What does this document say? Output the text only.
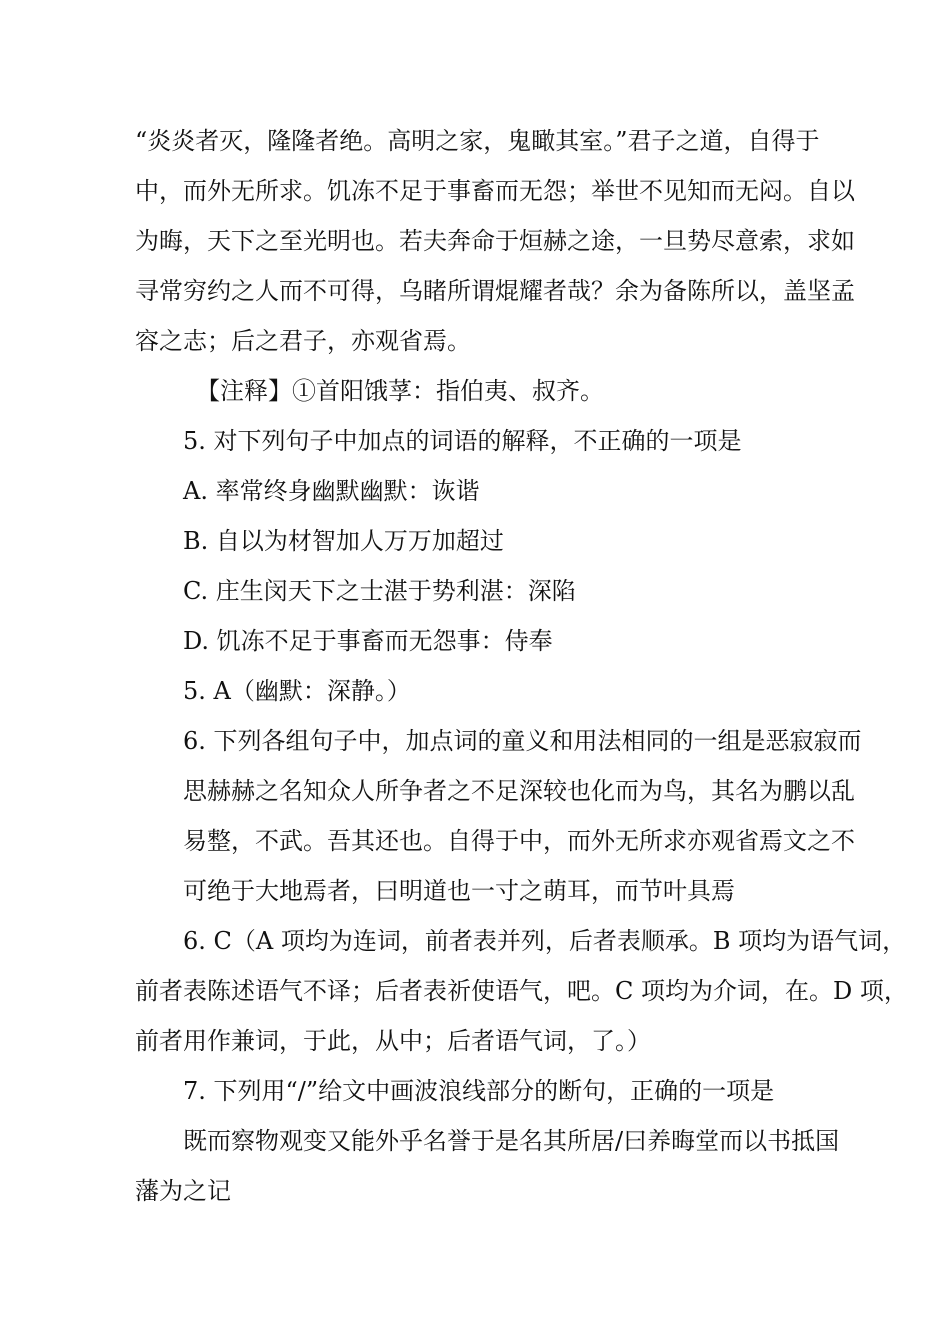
“炎炎者灭，隆隆者绝。高明之家，鬼瞰其室。”君子之道，自得于
中，而外无所求。饥冻不足于事畜而无怨；举世不见知而无闷。自以
为晦，天下之至光明也。若夫奔命于烜赫之途，一旦势尽意索，求如
寻常穷约之人而不可得，乌睹所谓焜耀者哉？余为备陈所以，盖坚孟
容之志；后之君子，亦观省焉。
【注释】①首阳饿莩：指伯夷、叔齐。
5. 对下列句子中加点的词语的解释，不正确的一项是
A. 率常终身幽默幽默：诙谐
B. 自以为材智加人万万加超过
C. 庄生闵天下之士湛于势利湛：深陷
D. 饥冻不足于事畜而无怨事：侍奉
5. A（幽默：深静。）
6. 下列各组句子中，加点词的童义和用法相同的一组是恶寂寂而
思赫赫之名知众人所争者之不足深较也化而为鸟，其名为鹏以乱
易整，不武。吾其还也。自得于中，而外无所求亦观省焉文之不
可绝于大地焉者，曰明道也一寸之萌耳，而节叶具焉
6. C（A 项均为连词，前者表并列，后者表顺承。B 项均为语气词，
前者表陈述语气不译；后者表祈使语气，吧。C 项均为介词，在。D 项，
前者用作兼词，于此，从中；后者语气词，了。）
7. 下列用“/”给文中画波浪线部分的断句，正确的一项是
既而察物观变又能外乎名誉于是名其所居/曰养晦堂而以书抵国
藩为之记
